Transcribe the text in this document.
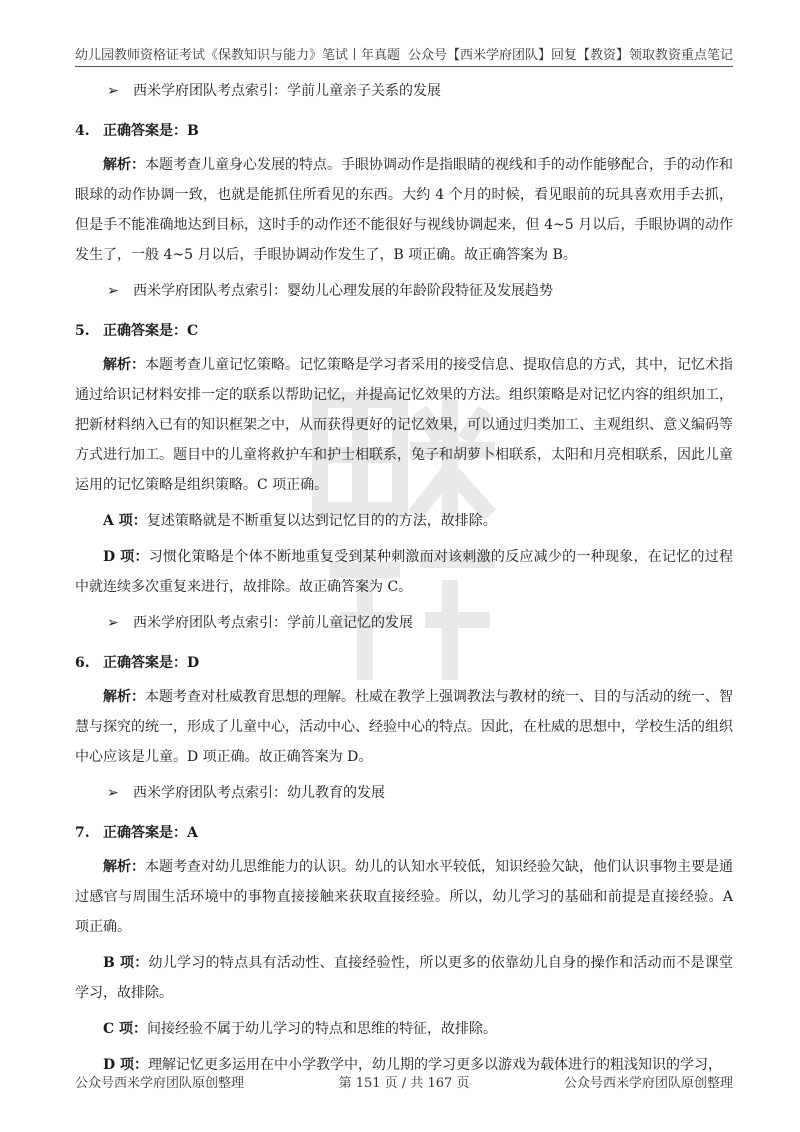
幼儿园教师资格证考试《保教知识与能力》笔试丨年真题 公众号【西米学府团队】回复【教资】领取教资重点笔记
➢ 西米学府团队考点索引：学前儿童亲子关系的发展
4. 正确答案是：B

解析：本题考查儿童身心发展的特点。手眼协调动作是指眼睛的视线和手的动作能够配合，手的动作和眼球的动作协调一致，也就是能抓住所看见的东西。大约 4 个月的时候，看见眼前的玩具喜欢用手去抓，但是手不能准确地达到目标，这时手的动作还不能很好与视线协调起来，但 4~5 月以后，手眼协调的动作发生了，一般 4~5 月以后，手眼协调动作发生了，B 项正确。故正确答案为 B。

➢ 西米学府团队考点索引：婴幼儿心理发展的年龄阶段特征及发展趋势
5. 正确答案是：C

解析：本题考查儿童记忆策略。记忆策略是学习者采用的接受信息、提取信息的方式，其中，记忆术指通过给识记材料安排一定的联系以帮助记忆，并提高记忆效果的方法。组织策略是对记忆内容的组织加工，把新材料纳入已有的知识框架之中，从而获得更好的记忆效果，可以通过归类加工、主观组织、意义编码等方式进行加工。题目中的儿童将救护车和护士相联系，兔子和胡萝卜相联系，太阳和月亮相联系，因此儿童运用的记忆策略是组织策略。C 项正确。

A 项：复述策略就是不断重复以达到记忆目的的方法，故排除。

D 项：习惯化策略是个体不断地重复受到某种刺激而对该刺激的反应减少的一种现象，在记忆的过程中就连续多次重复来进行，故排除。故正确答案为 C。

➢ 西米学府团队考点索引：学前儿童记忆的发展
6. 正确答案是：D

解析：本题考查对杜威教育思想的理解。杜威在教学上强调教法与教材的统一、目的与活动的统一、智慧与探究的统一，形成了儿童中心，活动中心、经验中心的特点。因此，在杜威的思想中，学校生活的组织中心应该是儿童。D 项正确。故正确答案为 D。

➢ 西米学府团队考点索引：幼儿教育的发展
7. 正确答案是：A

解析：本题考查对幼儿思维能力的认识。幼儿的认知水平较低，知识经验欠缺，他们认识事物主要是通过感官与周围生活环境中的事物直接接触来获取直接经验。所以，幼儿学习的基础和前提是直接经验。A 项正确。

B 项：幼儿学习的特点具有活动性、直接经验性，所以更多的依靠幼儿自身的操作和活动而不是课堂学习，故排除。

C 项：间接经验不属于幼儿学习的特点和思维的特征，故排除。

D 项：理解记忆更多运用在中小学教学中，幼儿期的学习更多以游戏为载体进行的粗浅知识的学习，

公众号西米学府团队原创整理	第 151 页 / 共 167 页	公众号西米学府团队原创整理
